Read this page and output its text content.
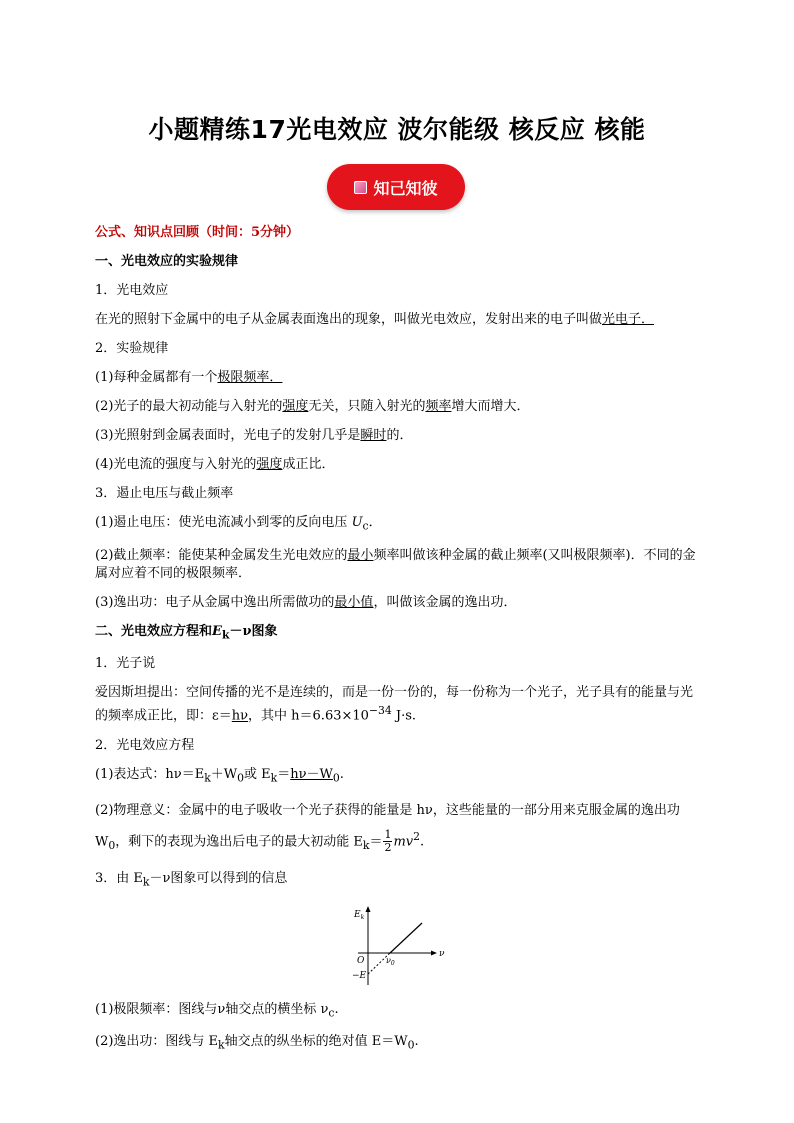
小题精练17光电效应 波尔能级 核反应 核能
知己知彼

公式、知识点回顾（时间：5分钟）

一、光电效应的实验规律

1．光电效应

在光的照射下金属中的电子从金属表面逸出的现象，叫做光电效应，发射出来的电子叫做光电子．

2．实验规律

(1)每种金属都有一个极限频率．

(2)光子的最大初动能与入射光的强度无关，只随入射光的频率增大而增大．

(3)光照射到金属表面时，光电子的发射几乎是瞬时的．

(4)光电流的强度与入射光的强度成正比．

3．遏止电压与截止频率

(1)遏止电压：使光电流减小到零的反向电压 $U_c$．

(2)截止频率：能使某种金属发生光电效应的最小频率叫做该种金属的截止频率(又叫极限频率)．不同的金属对应着不同的极限频率．

(3)逸出功：电子从金属中逸出所需做功的最小值，叫做该金属的逸出功．

二、光电效应方程和$E_k-\nu$图象

1．光子说

爱因斯坦提出：空间传播的光不是连续的，而是一份一份的，每一份称为一个光子，光子具有的能量与光的频率成正比，即：ε＝hν，其中 $h=6.63\times 10^{-34}$ J·s.

2．光电效应方程

(1)表达式：$h\nu=E_k+W_0$或 $E_k=h\nu-W_0$.

(2)物理意义：金属中的电子吸收一个光子获得的能量是 hν，这些能量的一部分用来克服金属的逸出功 $W_0$，剩下的表现为逸出后电子的最大初动能 $E_k= \frac{1}{2} mv^2$.

3．由 $E_k-\nu$图象可以得到的信息

$E_k$
ν
O	$\nu_0$
−E

(1)极限频率：图线与ν轴交点的横坐标 $\nu_c$.

(2)逸出功：图线与 $E_k$轴交点的纵坐标的绝对值 $E=W_0$.
